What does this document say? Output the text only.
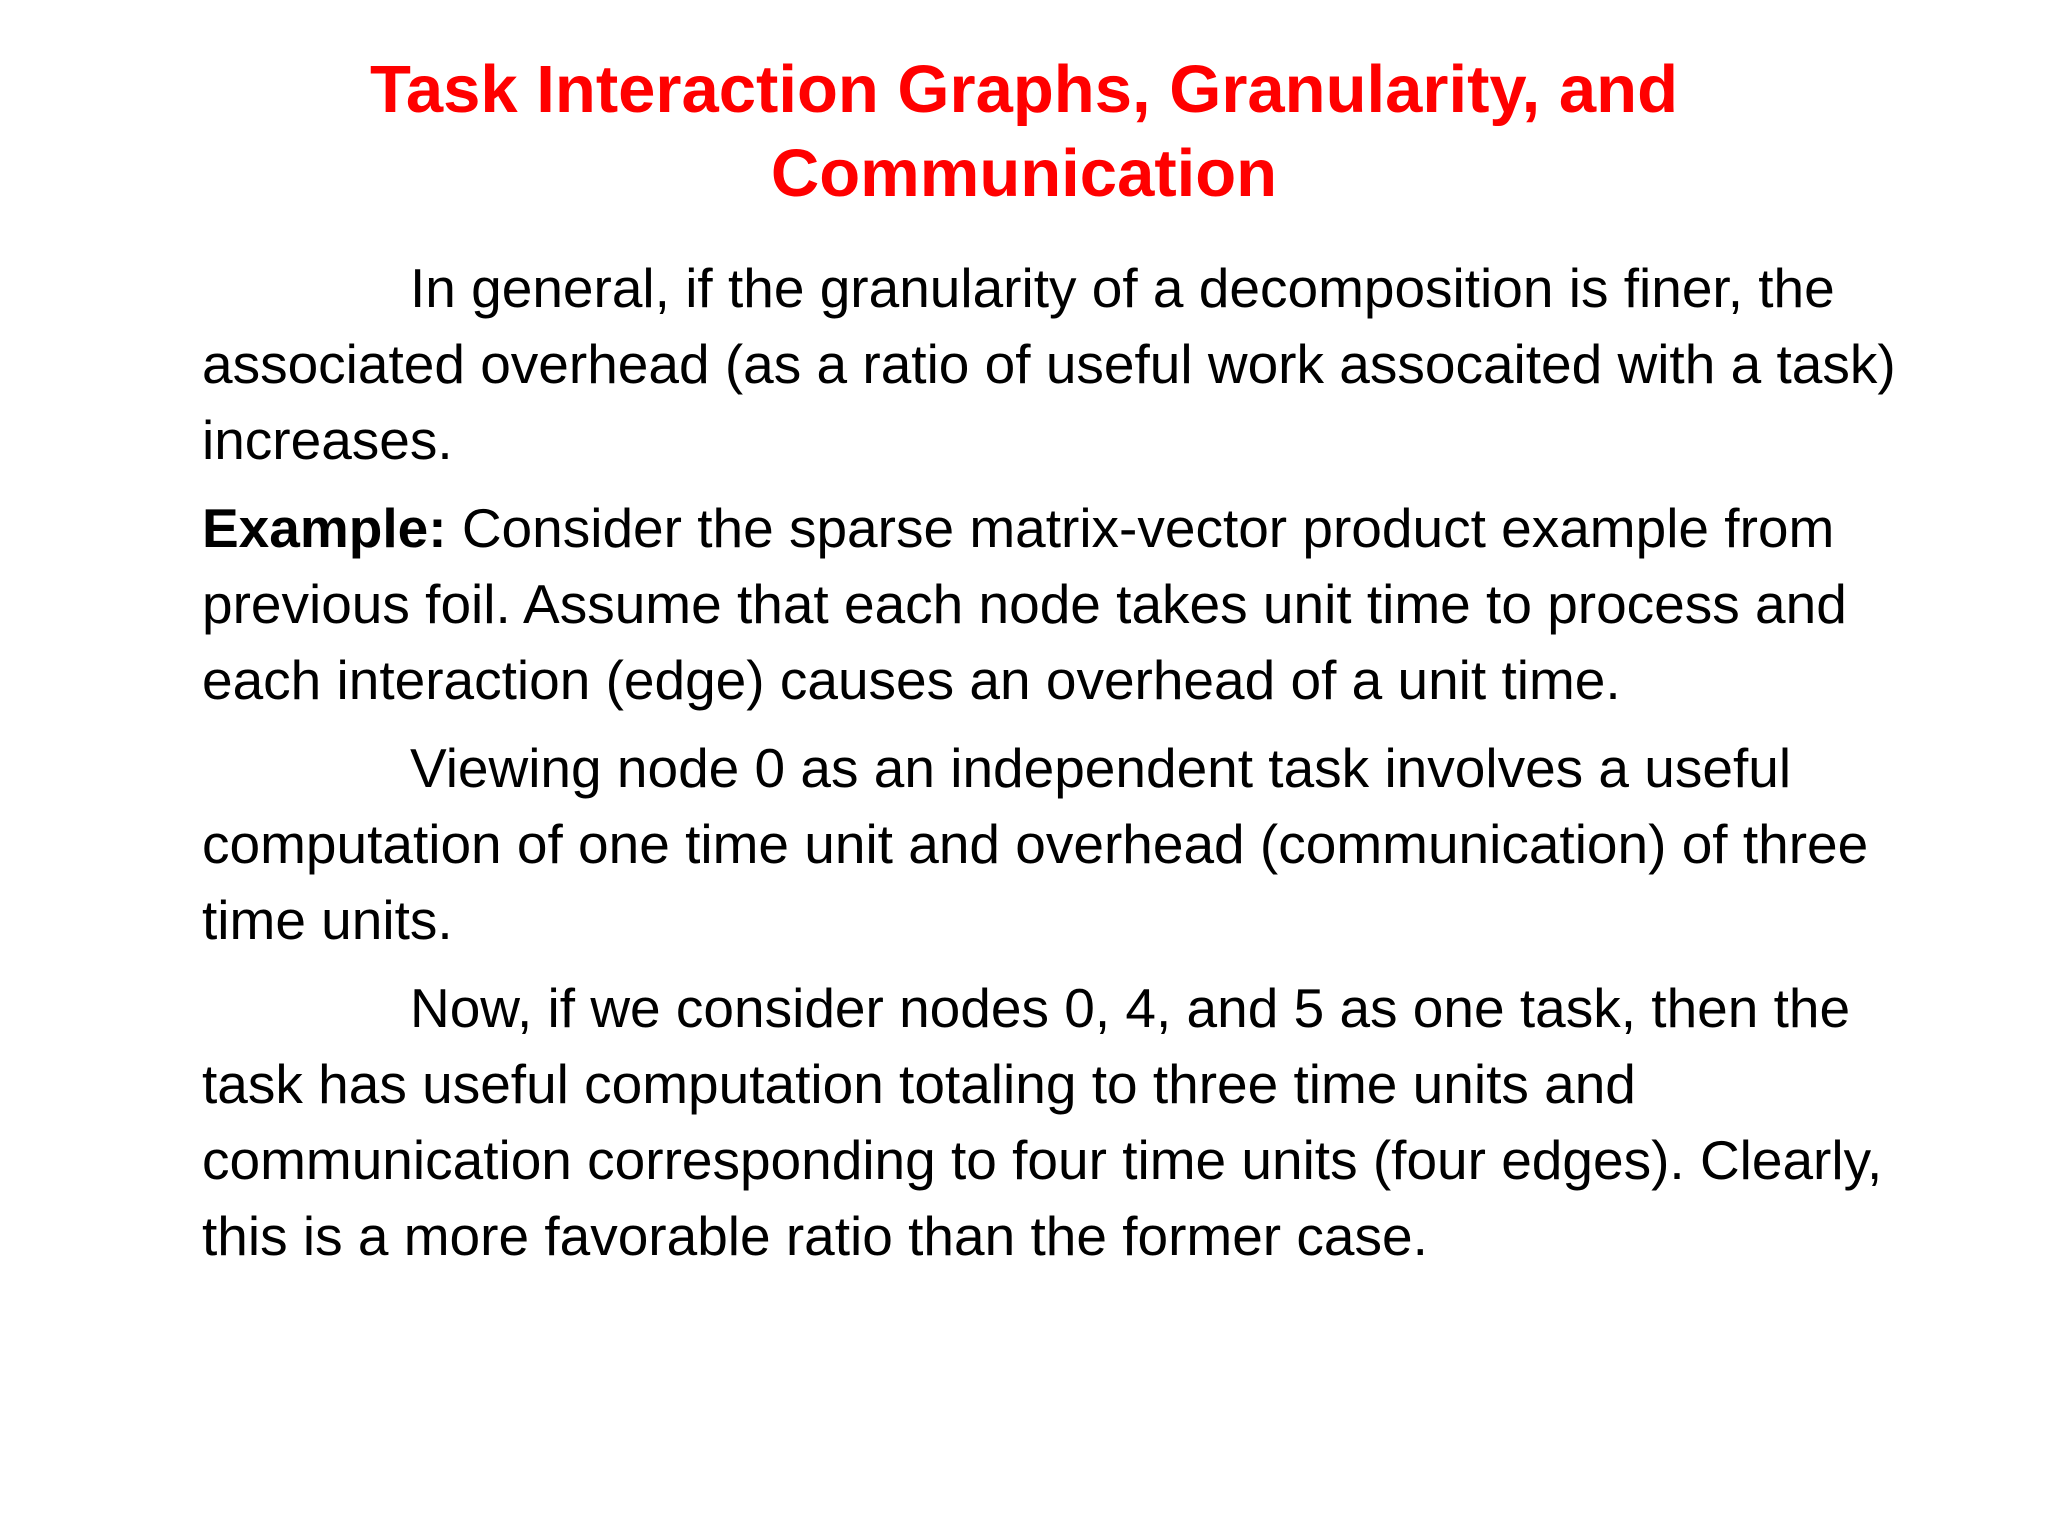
Task Interaction Graphs, Granularity, and
Communication

In general, if the granularity of a decomposition is finer, the associated overhead (as a ratio of useful work assocaited with a task) increases.

Example: Consider the sparse matrix-vector product example from previous foil. Assume that each node takes unit time to process and each interaction (edge) causes an overhead of a unit time.

Viewing node 0 as an independent task involves a useful computation of one time unit and overhead (communication) of three time units.

Now, if we consider nodes 0, 4, and 5 as one task, then the task has useful computation totaling to three time units and communication corresponding to four time units (four edges). Clearly, this is a more favorable ratio than the former case.
